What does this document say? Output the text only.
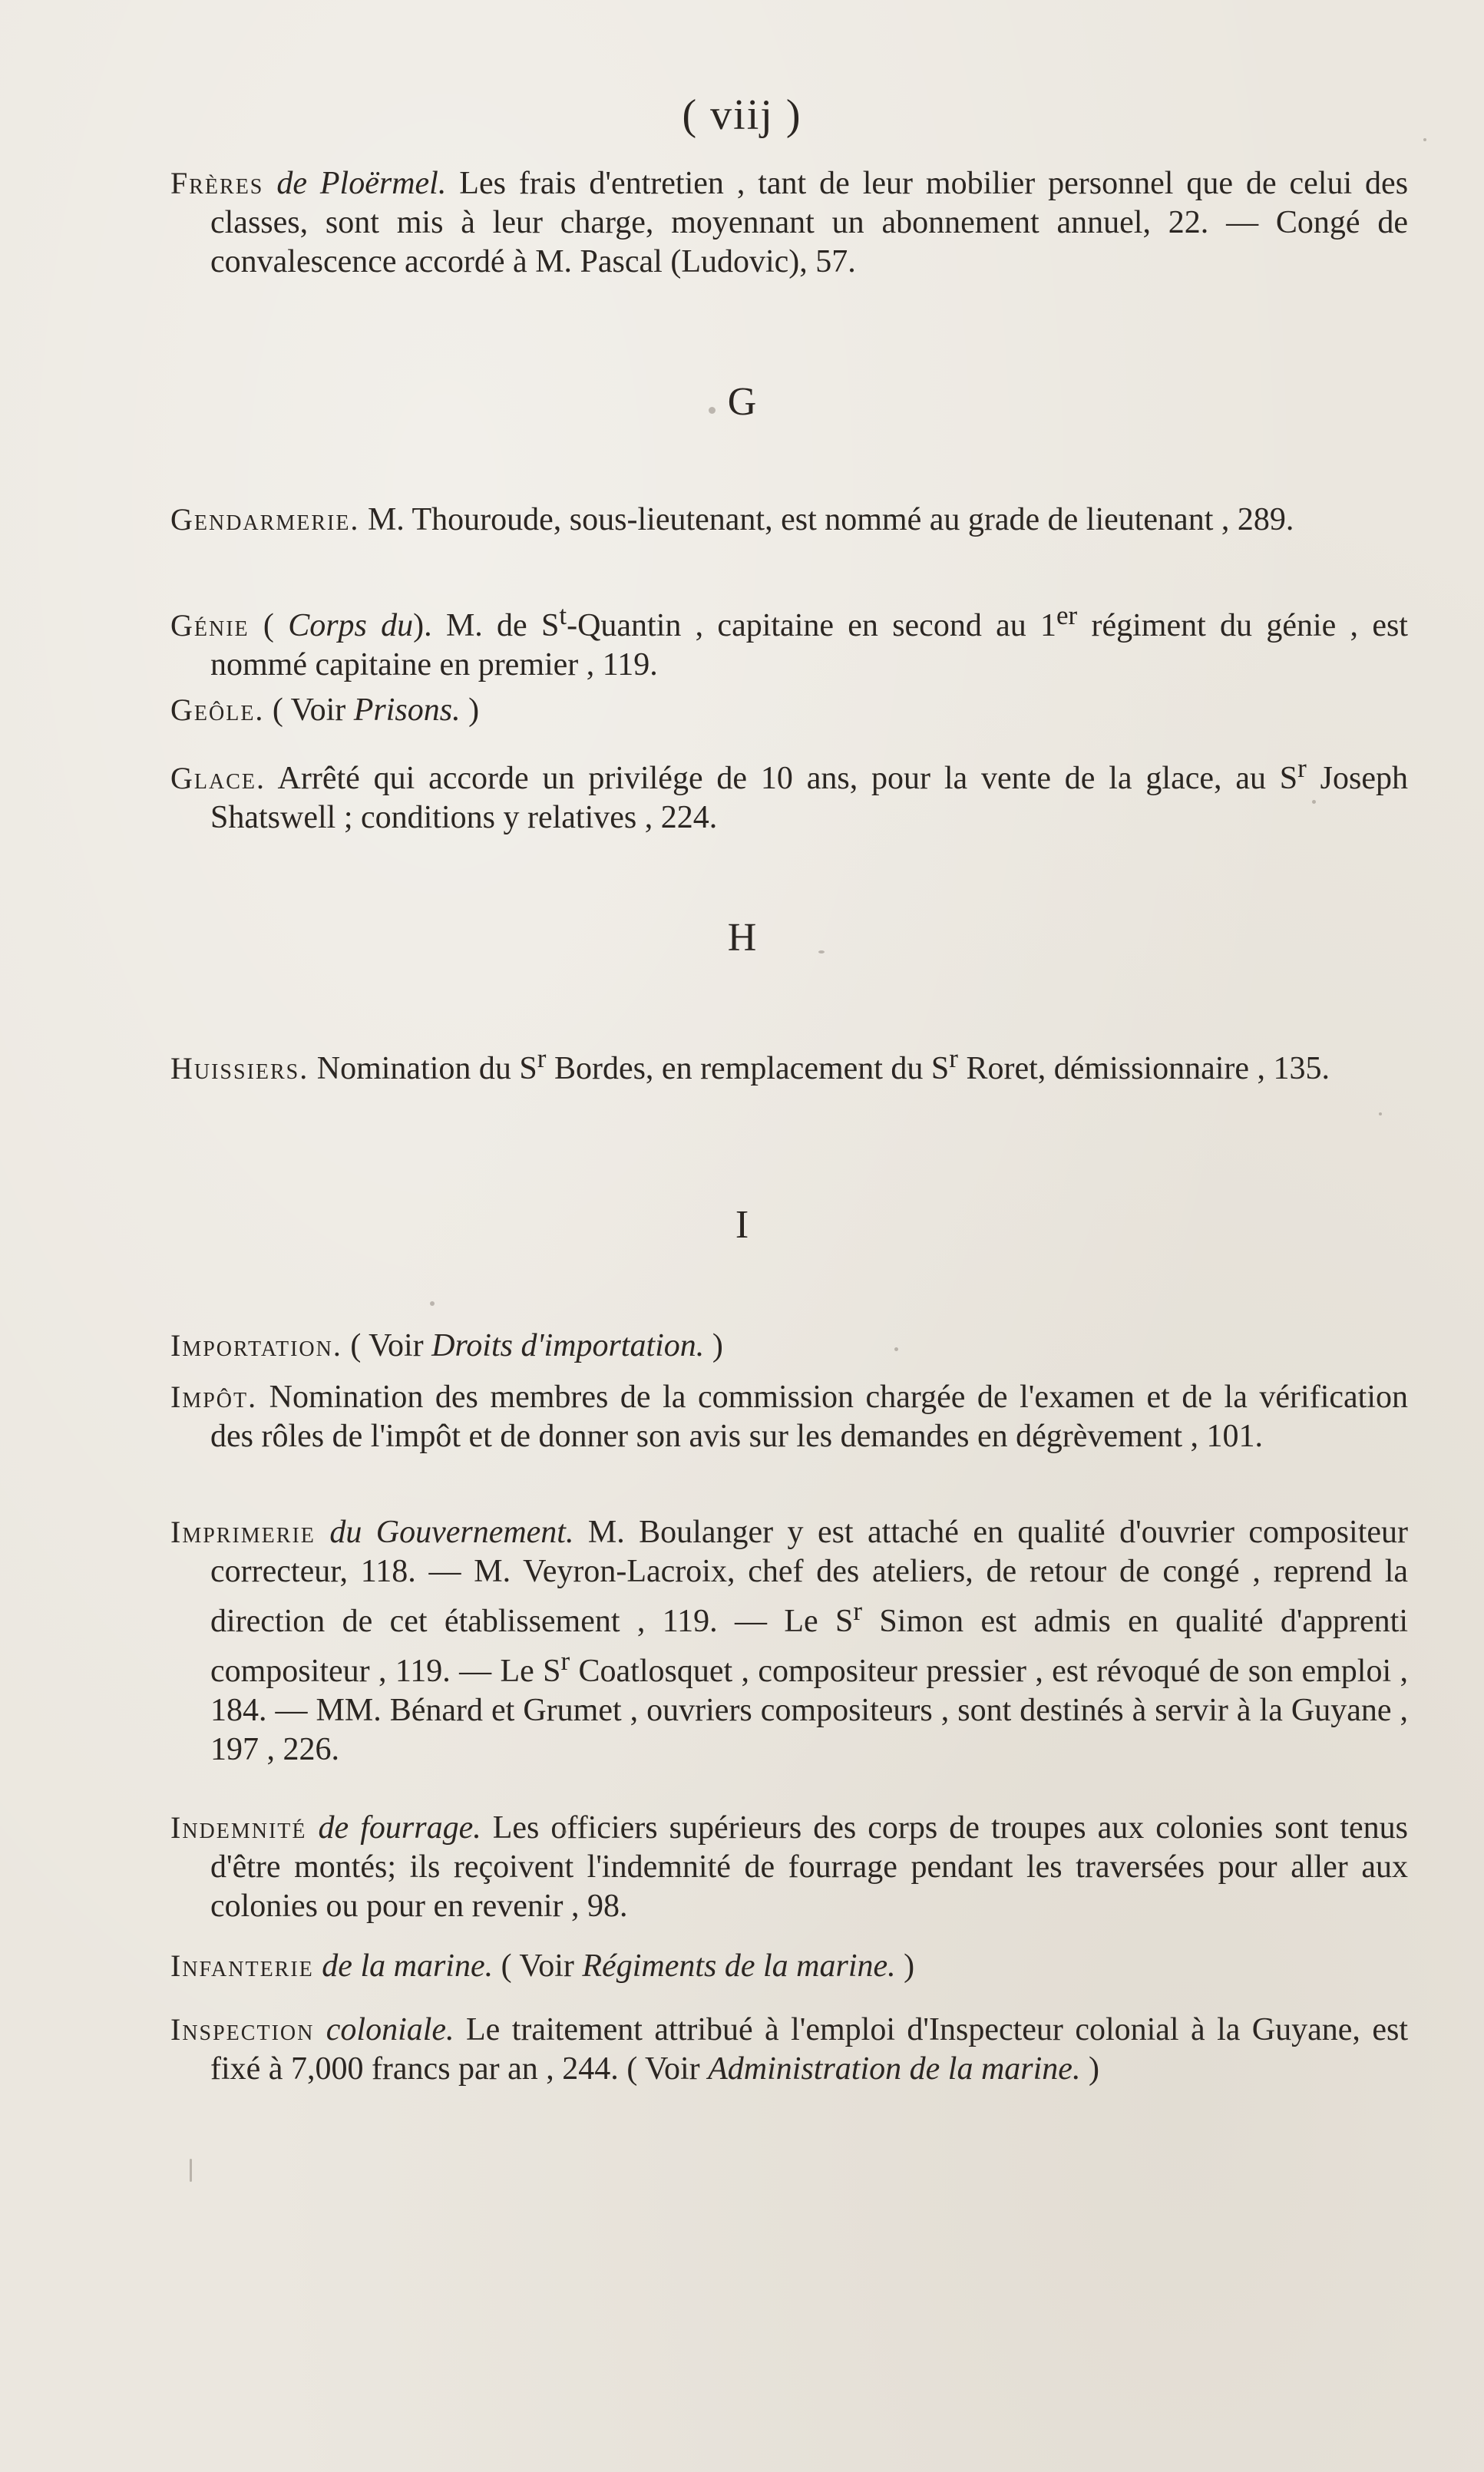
( viij )
Frères de Ploërmel. Les frais d'entretien , tant de leur mobilier personnel que de celui des classes, sont mis à leur charge, moyennant un abonnement annuel, 22. — Congé de convalescence accordé à M. Pascal (Ludovic), 57.
G
Gendarmerie. M. Thouroude, sous-lieutenant, est nommé au grade de lieutenant , 289.
Génie ( Corps du). M. de $S^t$-Quantin , capitaine en second au 1er régiment du génie , est nommé capitaine en premier , 119.
Geôle. ( Voir Prisons. )
Glace. Arrêté qui accorde un privilége de 10 ans, pour la vente de la glace, au $S^r$ Joseph Shatswell ; conditions y relatives , 224.
H
Huissiers. Nomination du $S^r$ Bordes, en remplacement du $S^r$ Roret, démissionnaire , 135.
I
Importation. ( Voir Droits d'importation. )
Impôt. Nomination des membres de la commission chargée de l'examen et de la vérification des rôles de l'impôt et de donner son avis sur les demandes en dégrèvement , 101.
Imprimerie du Gouvernement. M. Boulanger y est attaché en qualité d'ouvrier compositeur correcteur, 118. — M. Veyron-Lacroix, chef des ateliers, de retour de congé , reprend la direction de cet établissement , 119. — Le $S^r$ Simon est admis en qualité d'apprenti compositeur , 119. — Le $S^r$ Coatlosquet , compositeur pressier , est révoqué de son emploi , 184. — MM. Bénard et Grumet , ouvriers compositeurs , sont destinés à servir à la Guyane , 197 , 226.
Indemnité de fourrage. Les officiers supérieurs des corps de troupes aux colonies sont tenus d'être montés; ils reçoivent l'indemnité de fourrage pendant les traversées pour aller aux colonies ou pour en revenir , 98.
Infanterie de la marine. ( Voir Régiments de la marine. )
Inspection coloniale. Le traitement attribué à l'emploi d'Inspecteur colonial à la Guyane, est fixé à 7,000 francs par an , 244. ( Voir Administration de la marine. )
